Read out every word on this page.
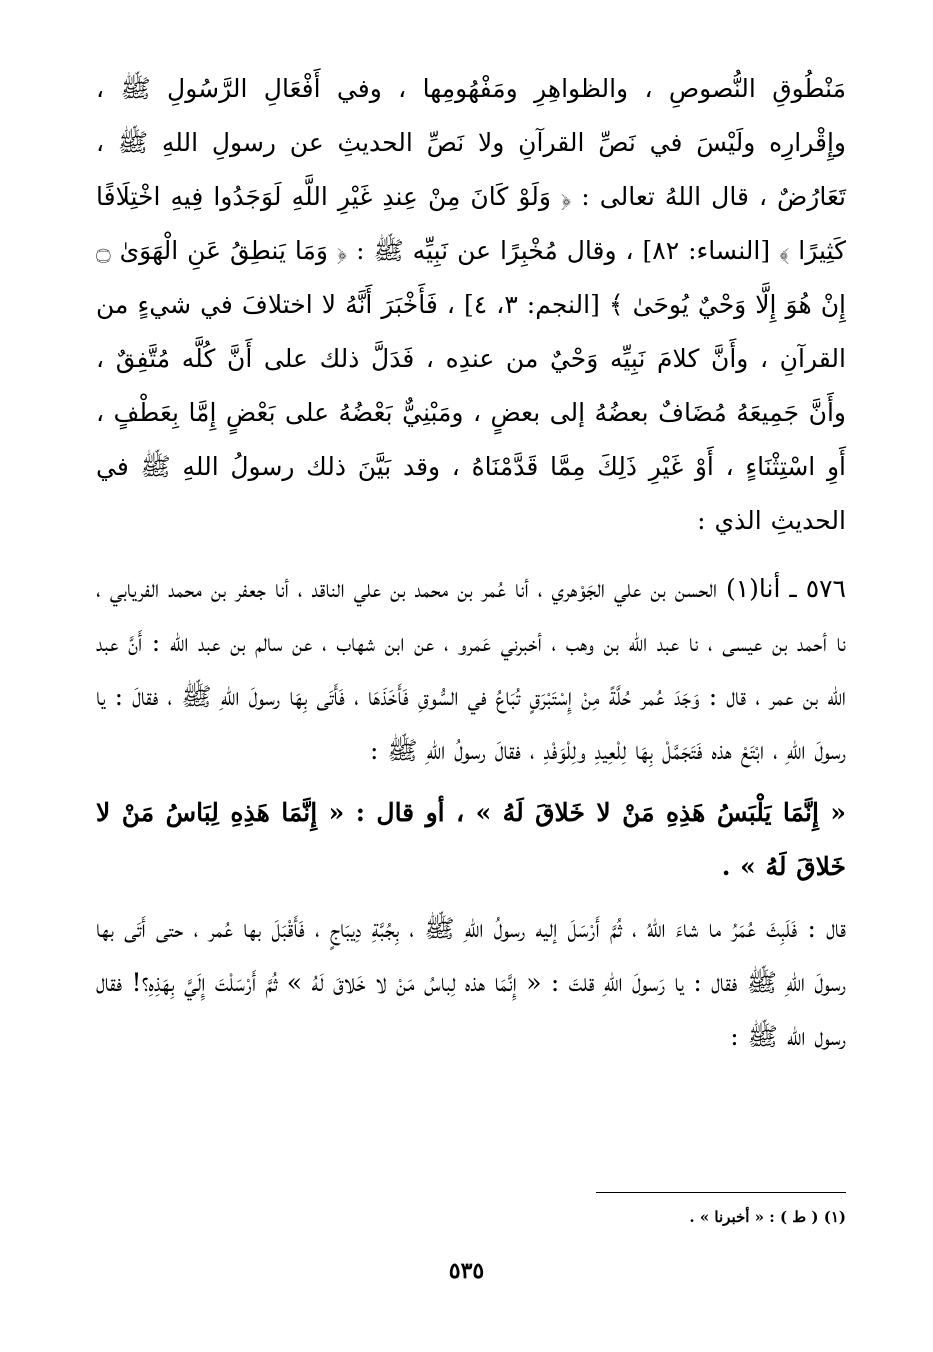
مَنْطُوقِ النُّصوصِ ، والظواهِرِ ومَفْهُومِها ، وفي أَفْعَالِ الرَّسُولِ ﷺ ، وإِقْرارِه ولَيْسَ في نَصِّ القرآنِ ولا نَصِّ الحديثِ عن رسولِ اللهِ ﷺ ، تَعَارُضٌ ، قال اللهُ تعالى : ﴿ وَلَوْ كَانَ مِنْ عِندِ غَيْرِ اللَّهِ لَوَجَدُوا فِيهِ اخْتِلَافًا كَثِيرًا ﴾ [النساء: ٨٢] ، وقال مُخْبِرًا عن نَبِيِّه ﷺ : ﴿ وَمَا يَنطِقُ عَنِ الْهَوَىٰ ۝ إِنْ هُوَ إِلَّا وَحْيٌ يُوحَىٰ ﴾ [النجم: ٣، ٤] ، فَأَخْبَرَ أَنَّهُ لا اختلافَ في شيءٍ من القرآنِ ، وأَنَّ كلامَ نَبِيِّه وَحْيٌ من عندِه ، فَدَلَّ ذلك على أَنَّ كُلَّه مُتَّفِقٌ ، وأَنَّ جَمِيعَهُ مُضَافٌ بعضُهُ إلى بعضٍ ، ومَبْنِيٌّ بَعْضُهُ على بَعْضٍ إِمَّا بِعَطْفٍ ، أَوِ اسْتِثْنَاءٍ ، أَوْ غَيْرِ ذَلِكَ مِمَّا قَدَّمْنَاهُ ، وقد بَيَّنَ ذلك رسولُ اللهِ ﷺ في الحديثِ الذي :

٥٧٦ ـ أنا(١) الحسن بن علي الجَوْهري ، أنا عُمر بن محمد بن علي الناقد ، أنا جعفر بن محمد الفريابي ، نا أحمد بن عيسى ، نا عبد الله بن وهب ، أخبرني عَمرو ، عن ابن شهاب ، عن سالم بن عبد الله : أَنَّ عبد الله بن عمر ، قال : وَجَدَ عُمر حُلَّةً مِنْ إِسْتَبْرَقٍ تُبَاعُ في السُّوقِ فَأَخَذَهَا ، فَأَتَى بِهَا رسولَ اللهِ ﷺ ، فقالَ : يا رسولَ اللهِ ، ابْتَعْ هذه فَتَجَمَّلْ بِهَا لِلْعِيدِ ولِلْوَفْدِ ، فقالَ رسولُ اللهِ ﷺ :

« إِنَّمَا يَلْبَسُ هَذِهِ مَنْ لا خَلاقَ لَهُ » ، أو قال : « إِنَّمَا هَذِهِ لِبَاسُ مَنْ لا خَلاقَ لَهُ » .

قال : فَلَبِثَ عُمَرُ ما شاءَ اللهُ ، ثُمَّ أَرْسَلَ إليه رسولُ اللهِ ﷺ ، بِجُبَّةِ دِيبَاجٍ ، فَأَقْبَلَ بها عُمر ، حتى أَتَى بها رسولَ اللهِ ﷺ فقال : يا رَسولَ اللهِ قلتَ : « إِنَّمَا هذه لِباسُ مَنْ لا خَلاقَ لَهُ » ثُمَّ أَرْسَلْتَ إِلَيَّ بِهَذِهِ؟! فقال رسول الله ﷺ :

(١) ( ط ) : « أخبرنا » .
٥٣٥
